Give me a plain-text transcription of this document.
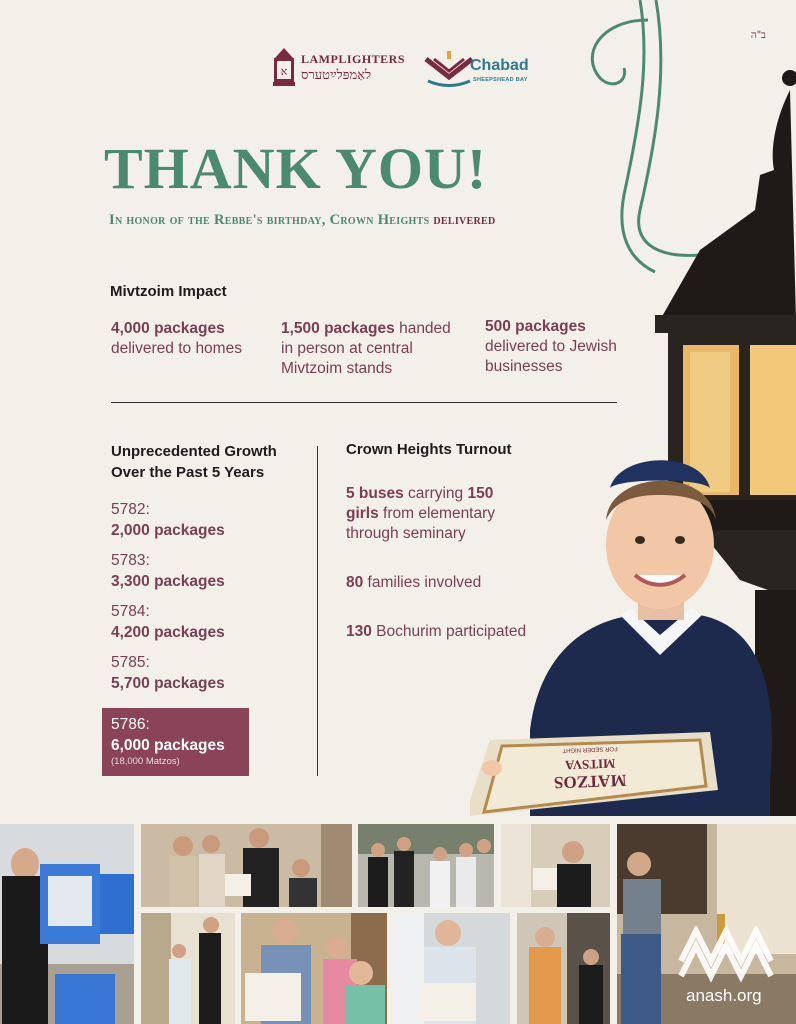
ב"ה
א
LAMPLIGHTERS
לאַמפּלײַטערס
Chabad
SHEEPSHEAD BAY
THANK YOU!
In honor of the Rebbe's birthday, Crown Heights delivered
Mivtzoim Impact
4,000 packages
delivered to homes
1,500 packages handed
in person at central Mivtzoim stands
500 packages
delivered to Jewish businesses
Unprecedented Growth Over the Past 5 Years
5782:
2,000 packages
5783:
3,300 packages
5784:
4,200 packages
5785:
5,700 packages
5786:
6,000 packages
(18,000 Matzos)
Crown Heights Turnout
5 buses carrying 150
girls from elementary through seminary
80 families involved
130 Bochurim participated
MATZOS
MITSVA
FOR SEDER NIGHT
anash.org
